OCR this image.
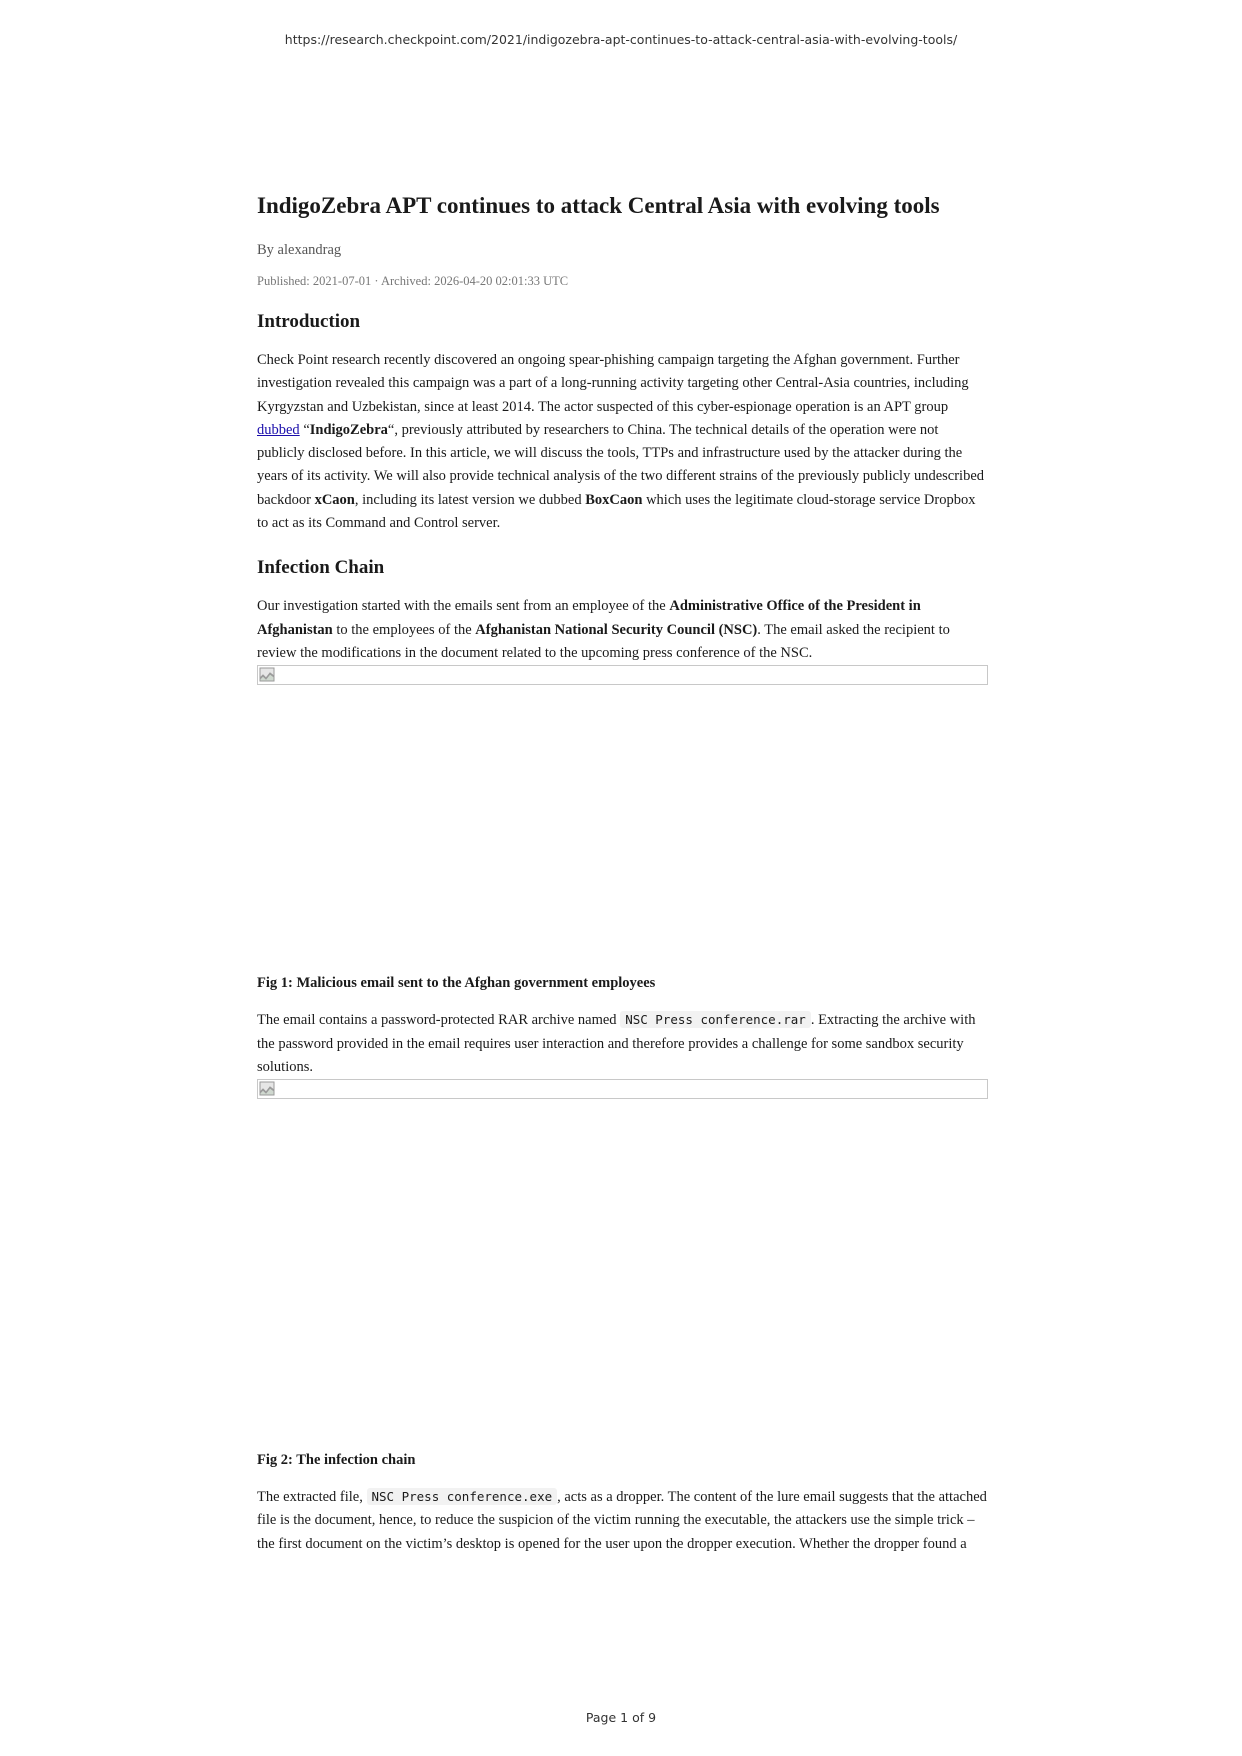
https://research.checkpoint.com/2021/indigozebra-apt-continues-to-attack-central-asia-with-evolving-tools/
IndigoZebra APT continues to attack Central Asia with evolving tools
By alexandrag
Published: 2021-07-01 · Archived: 2026-04-20 02:01:33 UTC
Introduction

Check Point research recently discovered an ongoing spear-phishing campaign targeting the Afghan government. Further investigation revealed this campaign was a part of a long-running activity targeting other Central-Asia countries, including Kyrgyzstan and Uzbekistan, since at least 2014. The actor suspected of this cyber-espionage operation is an APT group dubbed “IndigoZebra“, previously attributed by researchers to China. The technical details of the operation were not publicly disclosed before. In this article, we will discuss the tools, TTPs and infrastructure used by the attacker during the years of its activity. We will also provide technical analysis of the two different strains of the previously publicly undescribed backdoor xCaon, including its latest version we dubbed BoxCaon which uses the legitimate cloud-storage service Dropbox to act as its Command and Control server.

Infection Chain

Our investigation started with the emails sent from an employee of the Administrative Office of the President in Afghanistan to the employees of the Afghanistan National Security Council (NSC). The email asked the recipient to review the modifications in the document related to the upcoming press conference of the NSC.

Fig 1: Malicious email sent to the Afghan government employees

The email contains a password-protected RAR archive named NSC Press conference.rar . Extracting the archive with the password provided in the email requires user interaction and therefore provides a challenge for some sandbox security solutions.

Fig 2: The infection chain

The extracted file, NSC Press conference.exe , acts as a dropper. The content of the lure email suggests that the attached file is the document, hence, to reduce the suspicion of the victim running the executable, the attackers use the simple trick – the first document on the victim’s desktop is opened for the user upon the dropper execution. Whether the dropper found a

Page 1 of 9
